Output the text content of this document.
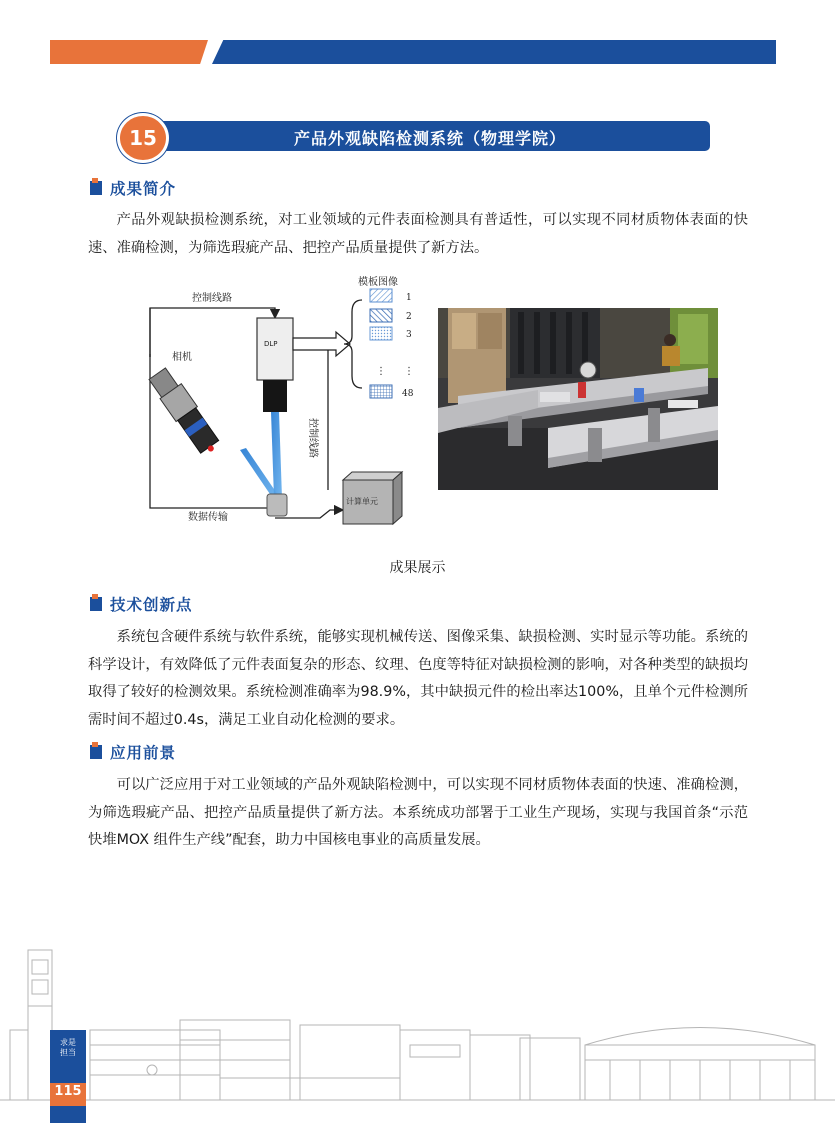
郑州大学科研成果汇编 电子信息（共28项）
产品外观缺陷检测系统（物理学院）
15
成果简介

产品外观缺损检测系统，对工业领域的元件表面检测具有普适性，可以实现不同材质物体表面的快速、准确检测，为筛选瑕疵产品、把控产品质量提供了新方法。

控制线路
数据传输
控制线路
相机
DLP
模板图像
1
2
3
⋮ ⋮
48
计算单元
成果展示
技术创新点

系统包含硬件系统与软件系统，能够实现机械传送、图像采集、缺损检测、实时显示等功能。系统的科学设计，有效降低了元件表面复杂的形态、纹理、色度等特征对缺损检测的影响，对各种类型的缺损均取得了较好的检测效果。系统检测准确率为98.9%，其中缺损元件的检出率达100%，且单个元件检测所需时间不超过0.4s，满足工业自动化检测的要求。

应用前景

可以广泛应用于对工业领域的产品外观缺陷检测中，可以实现不同材质物体表面的快速、准确检测，为筛选瑕疵产品、把控产品质量提供了新方法。本系统成功部署于工业生产现场，实现与我国首条“示范快堆MOX 组件生产线”配套，助力中国核电事业的高质量发展。

求是担当
115
